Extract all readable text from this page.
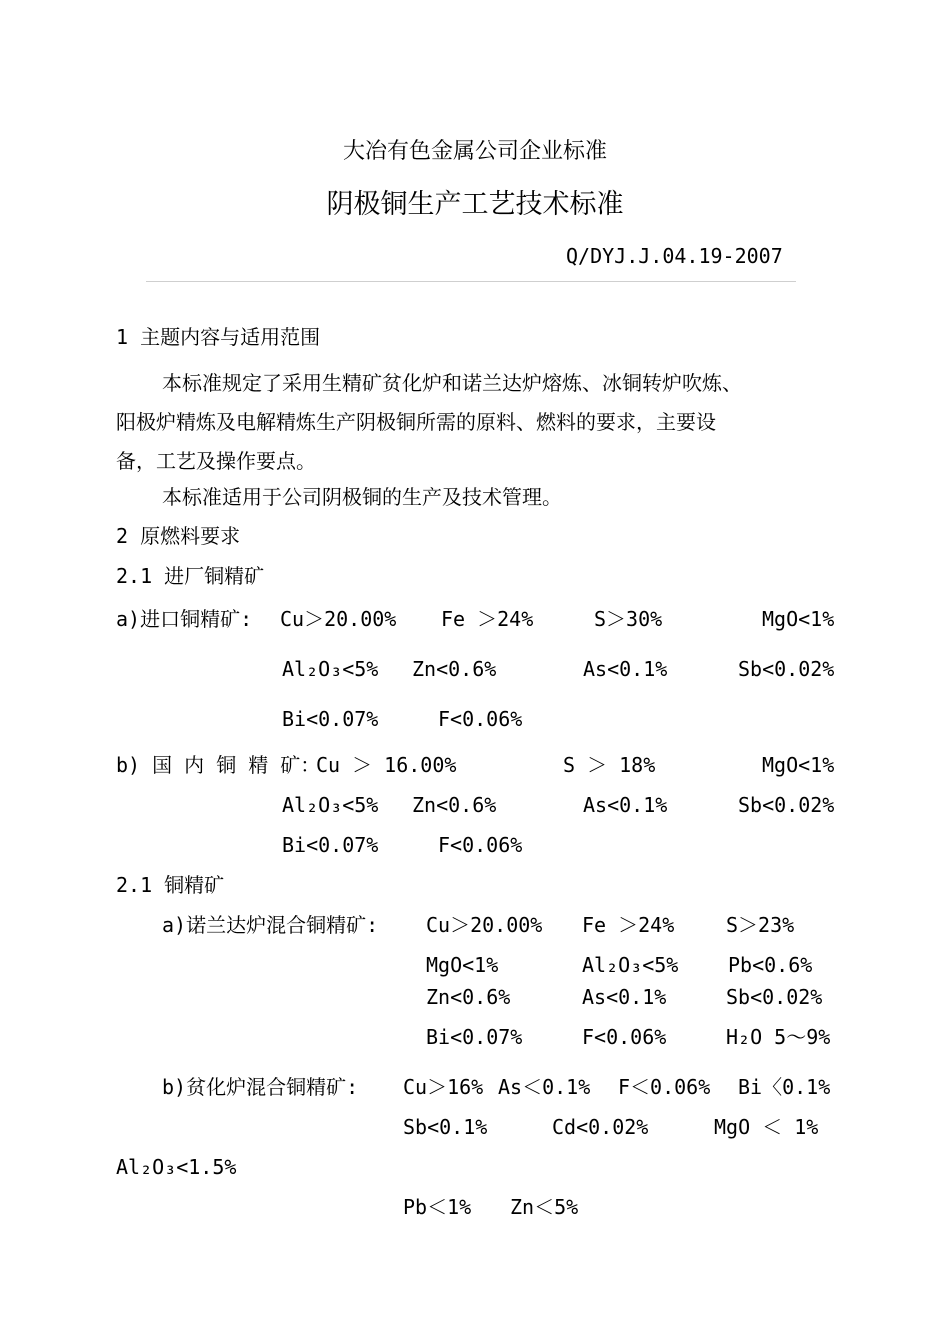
大冶有色金属公司企业标准
阴极铜生产工艺技术标准
Q/DYJ.J.04.19-2007
1 主题内容与适用范围
本标准规定了采用生精矿贫化炉和诺兰达炉熔炼、冰铜转炉吹炼、
阳极炉精炼及电解精炼生产阴极铜所需的原料、燃料的要求，主要设
备，工艺及操作要点。
本标准适用于公司阴极铜的生产及技术管理。
2 原燃料要求
2.1 进厂铜精矿
a)进口铜精矿: Cu＞20.00% Fe ＞24%	S＞30%	MgO<1%
Al₂O₃<5% Zn<0.6%	As<0.1%	Sb<0.02%
Bi<0.07%	F<0.06%
b) 国 内 铜 精 矿：
Cu ＞ 16.00%	S ＞ 18%	MgO<1%
Al₂O₃<5% Zn<0.6%	As<0.1%	Sb<0.02%
Bi<0.07%	F<0.06%
2.1 铜精矿
a)诺兰达炉混合铜精矿: Cu＞20.00% Fe ＞24%	S＞23%
MgO<1%	Al₂O₃<5% Pb<0.6%
Zn<0.6%	As<0.1%	Sb<0.02%
Bi<0.07%	F<0.06%	H₂O 5～9%
b)贫化炉混合铜精矿: Cu＞16% As＜0.1% F＜0.06% Bi〈0.1%
Sb<0.1%	Cd<0.02%	MgO ＜ 1%
Al₂O₃<1.5%
Pb＜1% Zn＜5%
